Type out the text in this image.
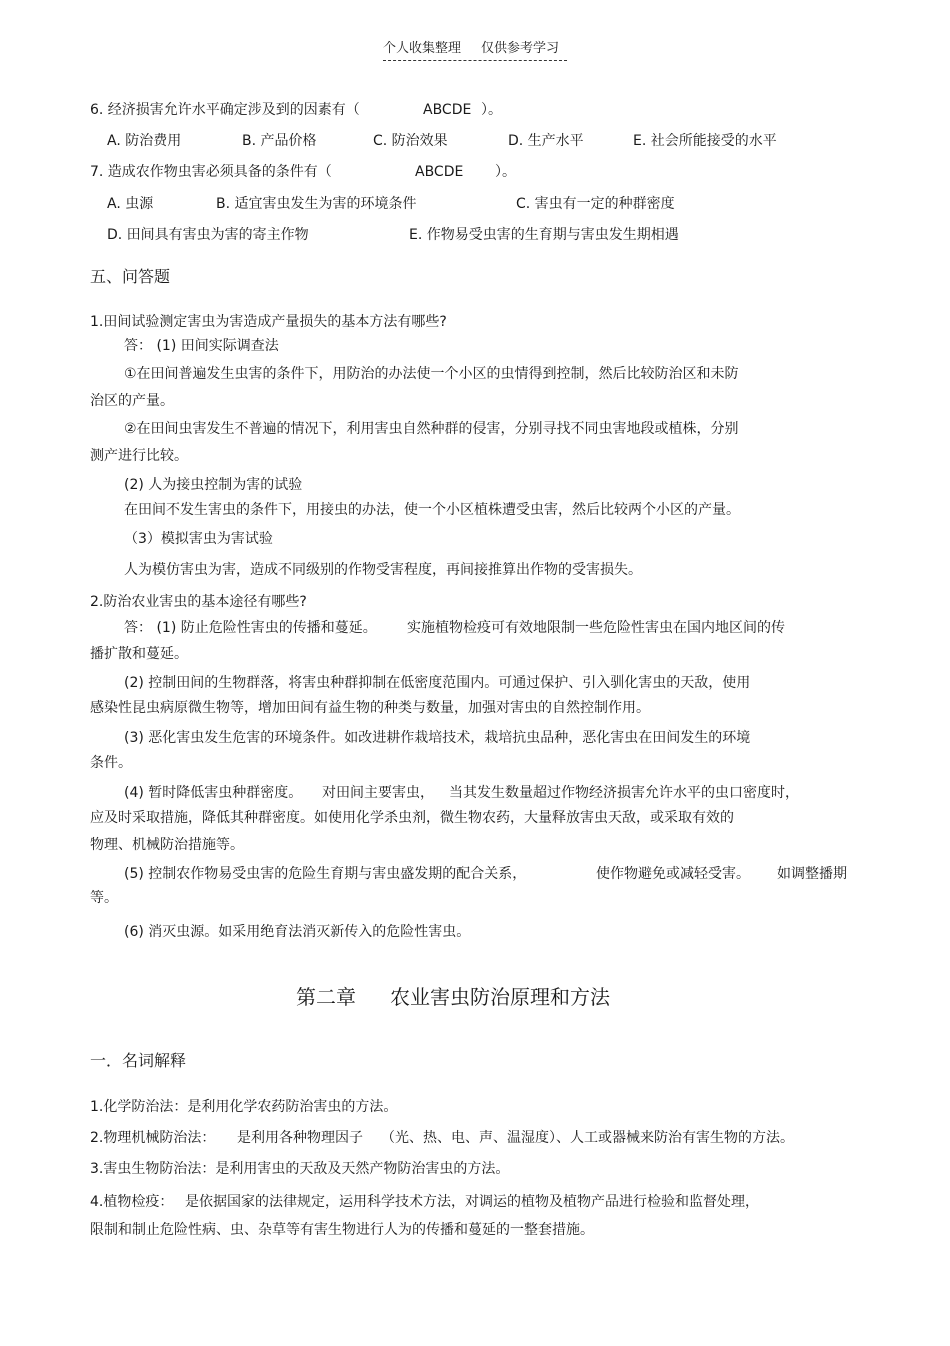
个人收集整理 仅供参考学习
6. 经济损害允许水平确定涉及到的因素有（	ABCDE ）。
A. 防治费用	B. 产品价格	C. 防治效果	D. 生产水平	E. 社会所能接受的水平
7. 造成农作物虫害必须具备的条件有（	ABCDE ）。
A. 虫源	B. 适宜害虫发生为害的环境条件	C. 害虫有一定的种群密度
D. 田间具有害虫为害的寄主作物	E. 作物易受虫害的生育期与害虫发生期相遇
五、问答题
1.田间试验测定害虫为害造成产量损失的基本方法有哪些?
答： (1) 田间实际调查法
①在田间普遍发生虫害的条件下，用防治的办法使一个小区的虫情得到控制，然后比较防治区和未防
治区的产量。
②在田间虫害发生不普遍的情况下，利用害虫自然种群的侵害，分别寻找不同虫害地段或植株，分别
测产进行比较。
(2) 人为接虫控制为害的试验
在田间不发生害虫的条件下，用接虫的办法，使一个小区植株遭受虫害，然后比较两个小区的产量。
（3）模拟害虫为害试验
人为模仿害虫为害，造成不同级别的作物受害程度，再间接推算出作物的受害损失。
2.防治农业害虫的基本途径有哪些?
答： (1) 防止危险性害虫的传播和蔓延。 实施植物检疫可有效地限制一些危险性害虫在国内地区间的传
播扩散和蔓延。
(2) 控制田间的生物群落，将害虫种群抑制在低密度范围内。可通过保护、引入驯化害虫的天敌，使用
感染性昆虫病原微生物等，增加田间有益生物的种类与数量，加强对害虫的自然控制作用。
(3) 恶化害虫发生危害的环境条件。如改进耕作栽培技术，栽培抗虫品种，恶化害虫在田间发生的环境
条件。
(4) 暂时降低害虫种群密度。 对田间主要害虫， 当其发生数量超过作物经济损害允许水平的虫口密度时，
应及时采取措施，降低其种群密度。如使用化学杀虫剂，微生物农药，大量释放害虫天敌，或采取有效的
物理、机械防治措施等。
(5) 控制农作物易受虫害的危险生育期与害虫盛发期的配合关系，	使作物避免或减轻受害。 如调整播期
等。
(6) 消灭虫源。如采用绝育法消灭新传入的危险性害虫。
第二章 农业害虫防治原理和方法
一．名词解释
1.化学防治法：是利用化学农药防治害虫的方法。
2.物理机械防治法： 是利用各种物理因子 （光、热、电、声、温湿度）、人工或器械来防治有害生物的方法。
3.害虫生物防治法：是利用害虫的天敌及天然产物防治害虫的方法。
4.植物检疫： 是依据国家的法律规定，运用科学技术方法，对调运的植物及植物产品进行检验和监督处理，
限制和制止危险性病、虫、杂草等有害生物进行人为的传播和蔓延的一整套措施。
